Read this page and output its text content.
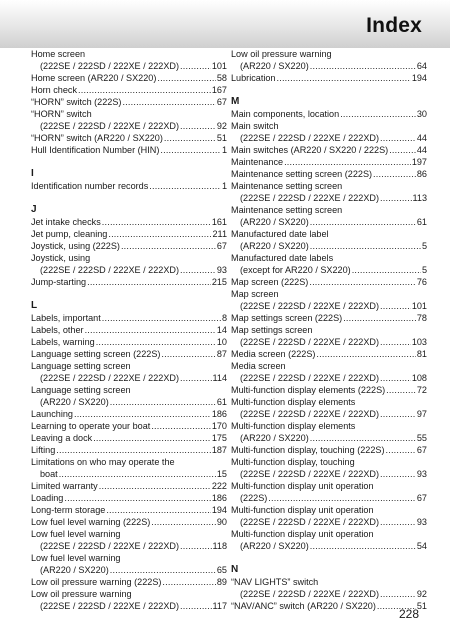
Index
Home screen
(222SE / 222SD / 222XE / 222XD) .....	101
Home screen (AR220 / SX220) .....	58
Horn check .....	167
“HORN” switch (222S) .....	67
“HORN” switch
(222SE / 222SD / 222XE / 222XD) .....	92
“HORN” switch (AR220 / SX220) .....	51
Hull Identification Number (HIN) .....	1
I
Identification number records .....	1
J
Jet intake checks .....	161
Jet pump, cleaning .....	211
Joystick, using (222S) .....	67
Joystick, using
(222SE / 222SD / 222XE / 222XD) .....	93
Jump-starting .....	215
L
Labels, important .....	8
Labels, other .....	14
Labels, warning .....	10
Language setting screen (222S) .....	87
Language setting screen
(222SE / 222SD / 222XE / 222XD) .....	114
Language setting screen
(AR220 / SX220) .....	61
Launching .....	186
Learning to operate your boat .....	170
Leaving a dock .....	175
Lifting .....	187
Limitations on who may operate the
boat .....	15
Limited warranty .....	222
Loading .....	186
Long-term storage .....	194
Low fuel level warning (222S) .....	90
Low fuel level warning
(222SE / 222SD / 222XE / 222XD) .....	118
Low fuel level warning
(AR220 / SX220) .....	65
Low oil pressure warning (222S) .....	89
Low oil pressure warning
(222SE / 222SD / 222XE / 222XD) .....	117
Low oil pressure warning
(AR220 / SX220) .....	64
Lubrication .....	194
M
Main components, location .....	30
Main switch
(222SE / 222SD / 222XE / 222XD) .....	44
Main switches (AR220 / SX220 / 222S) .....	44
Maintenance .....	197
Maintenance setting screen (222S) .....	86
Maintenance setting screen
(222SE / 222SD / 222XE / 222XD) .....	113
Maintenance setting screen
(AR220 / SX220) .....	61
Manufactured date label
(AR220 / SX220) .....	5
Manufactured date labels
(except for AR220 / SX220) .....	5
Map screen (222S) .....	76
Map screen
(222SE / 222SD / 222XE / 222XD) .....	101
Map settings screen (222S) .....	78
Map settings screen
(222SE / 222SD / 222XE / 222XD) .....	103
Media screen (222S) .....	81
Media screen
(222SE / 222SD / 222XE / 222XD) .....	108
Multi-function display elements (222S) .....	72
Multi-function display elements
(222SE / 222SD / 222XE / 222XD) .....	97
Multi-function display elements
(AR220 / SX220) .....	55
Multi-function display, touching (222S) .....	67
Multi-function display, touching
(222SE / 222SD / 222XE / 222XD) .....	93
Multi-function display unit operation
(222S) .....	67
Multi-function display unit operation
(222SE / 222SD / 222XE / 222XD) .....	93
Multi-function display unit operation
(AR220 / SX220) .....	54
N
“NAV LIGHTS” switch
(222SE / 222SD / 222XE / 222XD) .....	92
“NAV/ANC” switch (AR220 / SX220) .....	51
228
